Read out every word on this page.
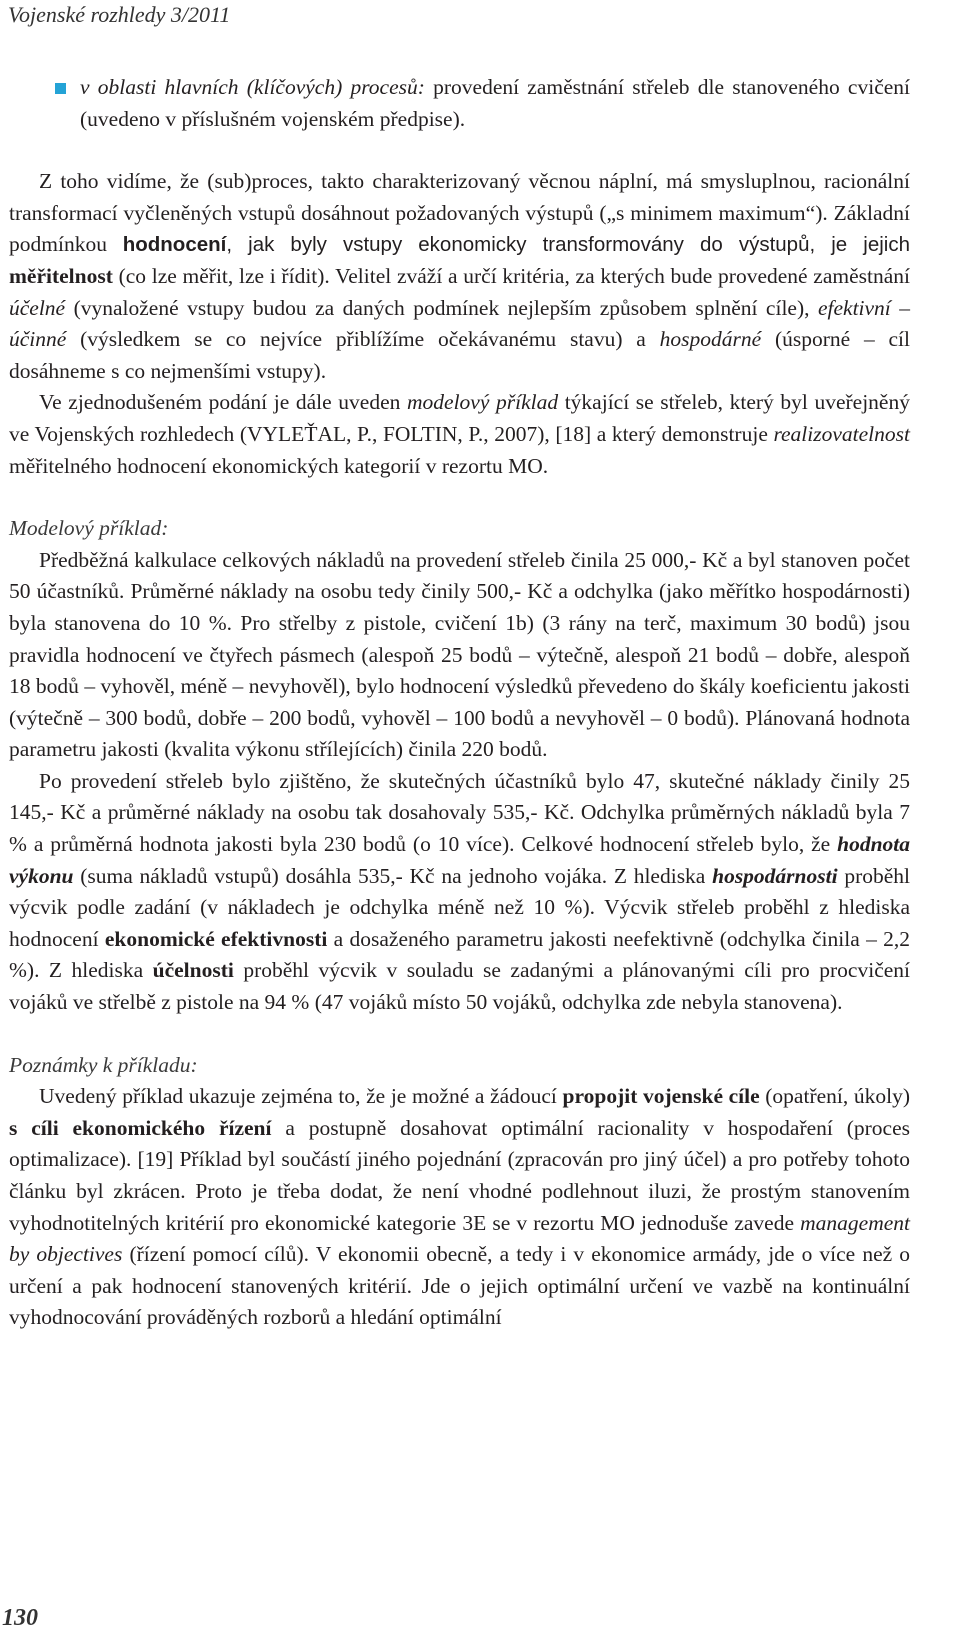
Vojenské rozhledy 3/2011

v oblasti hlavních (klíčových) procesů: provedení zaměstnání střeleb dle stanoveného cvičení (uvedeno v příslušném vojenském předpise).

Z toho vidíme, že (sub)proces, takto charakterizovaný věcnou náplní, má smysluplnou, racionální transformací vyčleněných vstupů dosáhnout požadovaných výstupů („s minimem maximum“). Základní podmínkou hodnocení, jak byly vstupy ekonomicky transformovány do výstupů, je jejich měřitelnost (co lze měřit, lze i řídit). Velitel zváží a určí kritéria, za kterých bude provedené zaměstnání účelné (vynaložené vstupy budou za daných podmínek nejlepším způsobem splnění cíle), efektivní – účinné (výsledkem se co nejvíce přiblížíme očekávanému stavu) a hospodárné (úsporné – cíl dosáhneme s co nejmenšími vstupy).

Ve zjednodušeném podání je dále uveden modelový příklad týkající se střeleb, který byl uveřejněný ve Vojenských rozhledech (VYLEŤAL, P., FOLTIN, P., 2007), [18] a který demonstruje realizovatelnost měřitelného hodnocení ekonomických kategorií v rezortu MO.

Modelový příklad:

Předběžná kalkulace celkových nákladů na provedení střeleb činila 25 000,- Kč a byl stanoven počet 50 účastníků. Průměrné náklady na osobu tedy činily 500,- Kč a odchylka (jako měřítko hospodárnosti) byla stanovena do 10 %. Pro střelby z pistole, cvičení 1b) (3 rány na terč, maximum 30 bodů) jsou pravidla hodnocení ve čtyřech pásmech (alespoň 25 bodů – výtečně, alespoň 21 bodů – dobře, alespoň 18 bodů – vyhověl, méně – nevyhověl), bylo hodnocení výsledků převedeno do škály koeficientu jakosti (výtečně – 300 bodů, dobře – 200 bodů, vyhověl – 100 bodů a nevyhověl – 0 bodů). Plánovaná hodnota parametru jakosti (kvalita výkonu střílejících) činila 220 bodů.

Po provedení střeleb bylo zjištěno, že skutečných účastníků bylo 47, skutečné náklady činily 25 145,- Kč a průměrné náklady na osobu tak dosahovaly 535,- Kč. Odchylka průměrných nákladů byla 7 % a průměrná hodnota jakosti byla 230 bodů (o 10 více). Celkové hodnocení střeleb bylo, že hodnota výkonu (suma nákladů vstupů) dosáhla 535,- Kč na jednoho vojáka. Z hlediska hospodárnosti proběhl výcvik podle zadání (v nákladech je odchylka méně než 10 %). Výcvik střeleb proběhl z hlediska hodnocení ekonomické efektivnosti a dosaženého parametru jakosti neefektivně (odchylka činila – 2,2 %). Z hlediska účelnosti proběhl výcvik v souladu se zadanými a plánovanými cíli pro procvičení vojáků ve střelbě z pistole na 94 % (47 vojáků místo 50 vojáků, odchylka zde nebyla stanovena).

Poznámky k příkladu:

Uvedený příklad ukazuje zejména to, že je možné a žádoucí propojit vojenské cíle (opatření, úkoly) s cíli ekonomického řízení a postupně dosahovat optimální racionality v hospodaření (proces optimalizace). [19] Příklad byl součástí jiného pojednání (zpracován pro jiný účel) a pro potřeby tohoto článku byl zkrácen. Proto je třeba dodat, že není vhodné podlehnout iluzi, že prostým stanovením vyhodnotitelných kritérií pro ekonomické kategorie 3E se v rezortu MO jednoduše zavede management by objectives (řízení pomocí cílů). V ekonomii obecně, a tedy i v ekonomice armády, jde o více než o určení a pak hodnocení stanovených kritérií. Jde o jejich optimální určení ve vazbě na kontinuální vyhodnocování prováděných rozborů a hledání optimální

130
